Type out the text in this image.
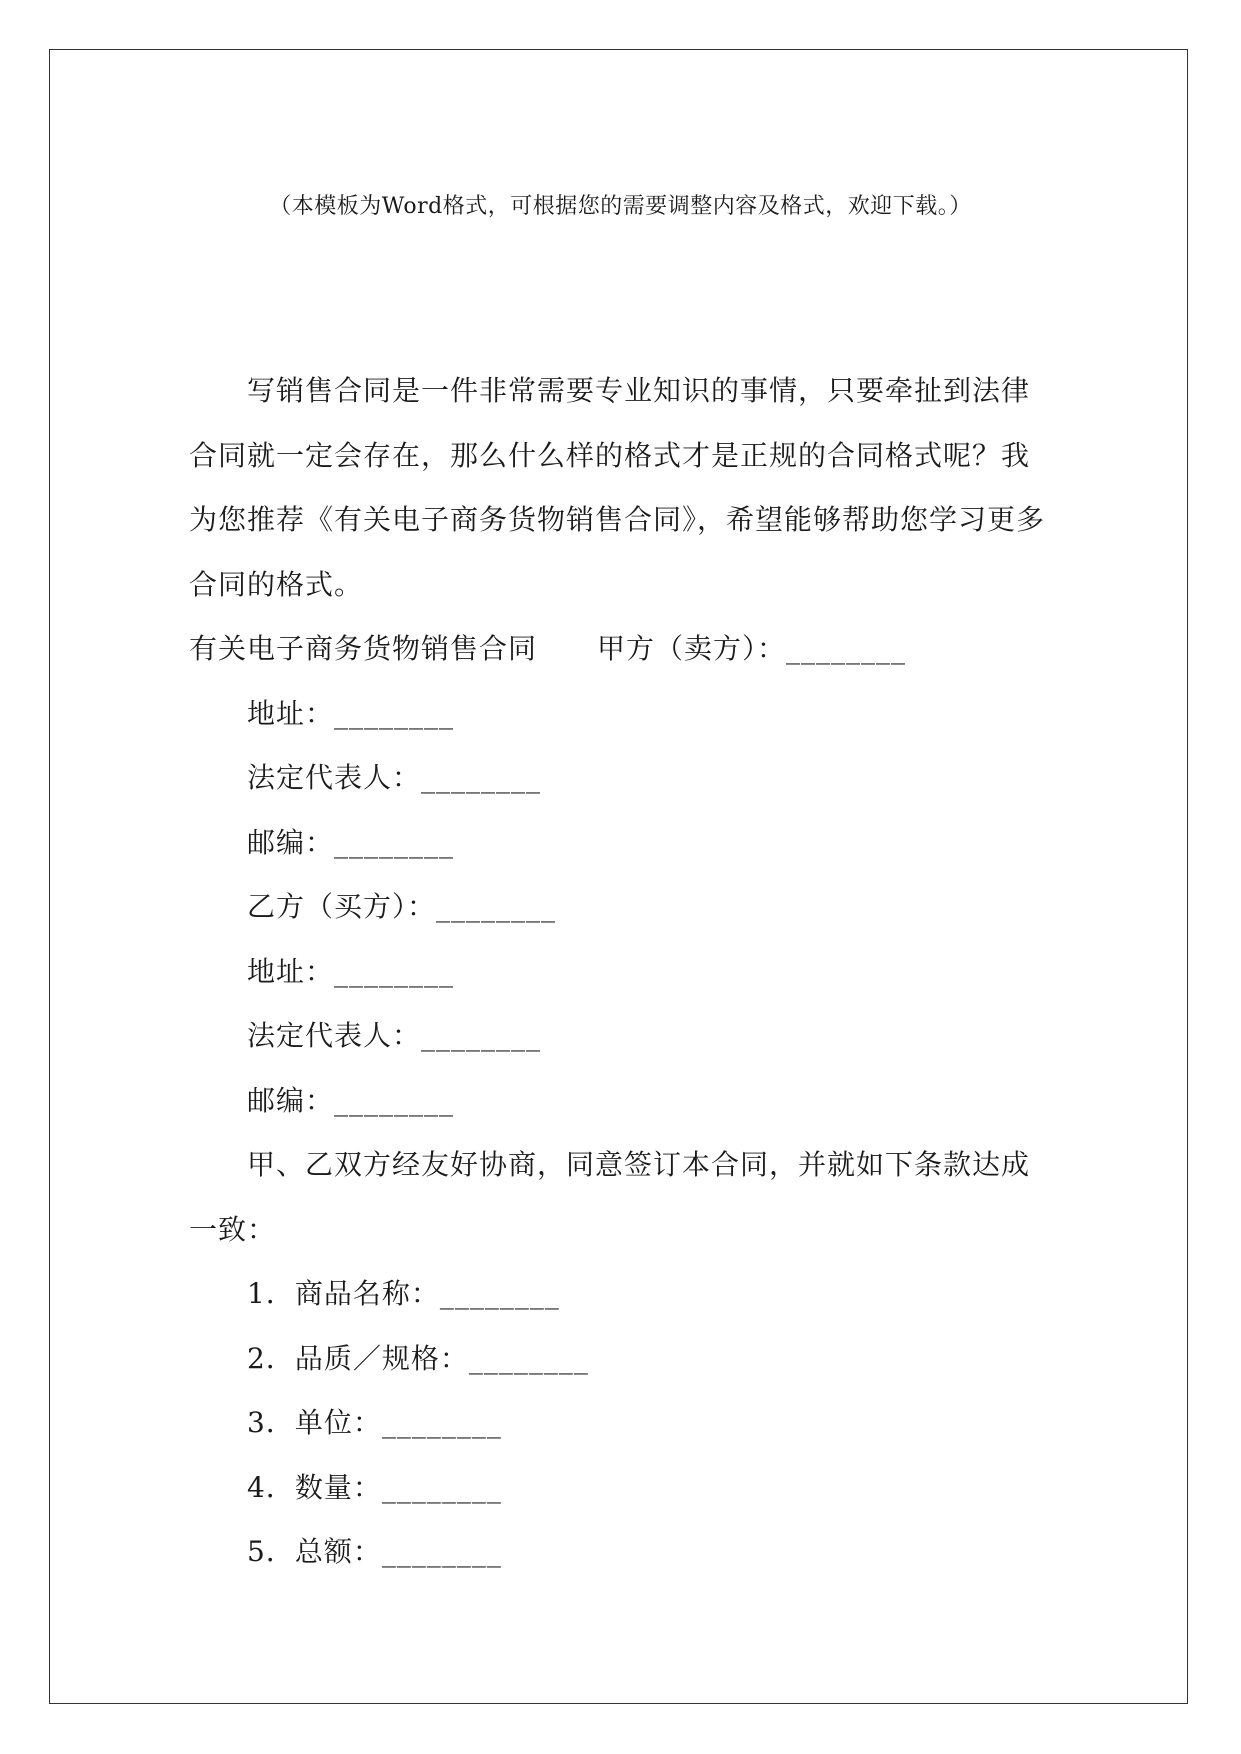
（本模板为Word格式，可根据您的需要调整内容及格式，欢迎下载。）

写销售合同是一件非常需要专业知识的事情，只要牵扯到法律合同就一定会存在，那么什么样的格式才是正规的合同格式呢？我为您推荐《有关电子商务货物销售合同》，希望能够帮助您学习更多合同的格式。

有关电子商务货物销售合同 甲方（卖方）：________

地址：________

法定代表人：________

邮编：________

乙方（买方）：________

地址：________

法定代表人：________

邮编：________

甲、乙双方经友好协商，同意签订本合同，并就如下条款达成一致：

1．商品名称：________

2．品质／规格：________

3．单位：________

4．数量：________

5．总额：________
